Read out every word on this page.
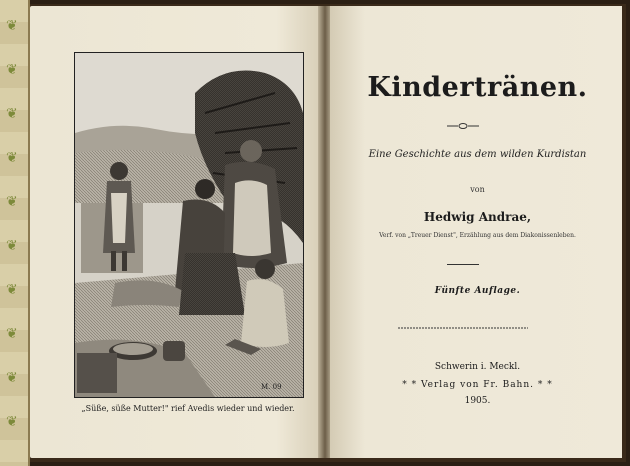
❦
❦
❦
❦
❦
❦
❦
❦
❦
❦
M. 09
„Süße, süße Mutter!" rief Avedis wieder und wieder.
Kindertränen.
Eine Geschichte aus dem wilden Kurdistan
von
Hedwig Andrae,
Verf. von „Treuer Dienst", Erzählung aus dem Diakonissenleben.
Fünfte Auflage.
Schwerin i. Meckl.
* * Verlag von Fr. Bahn. * *
1905.
